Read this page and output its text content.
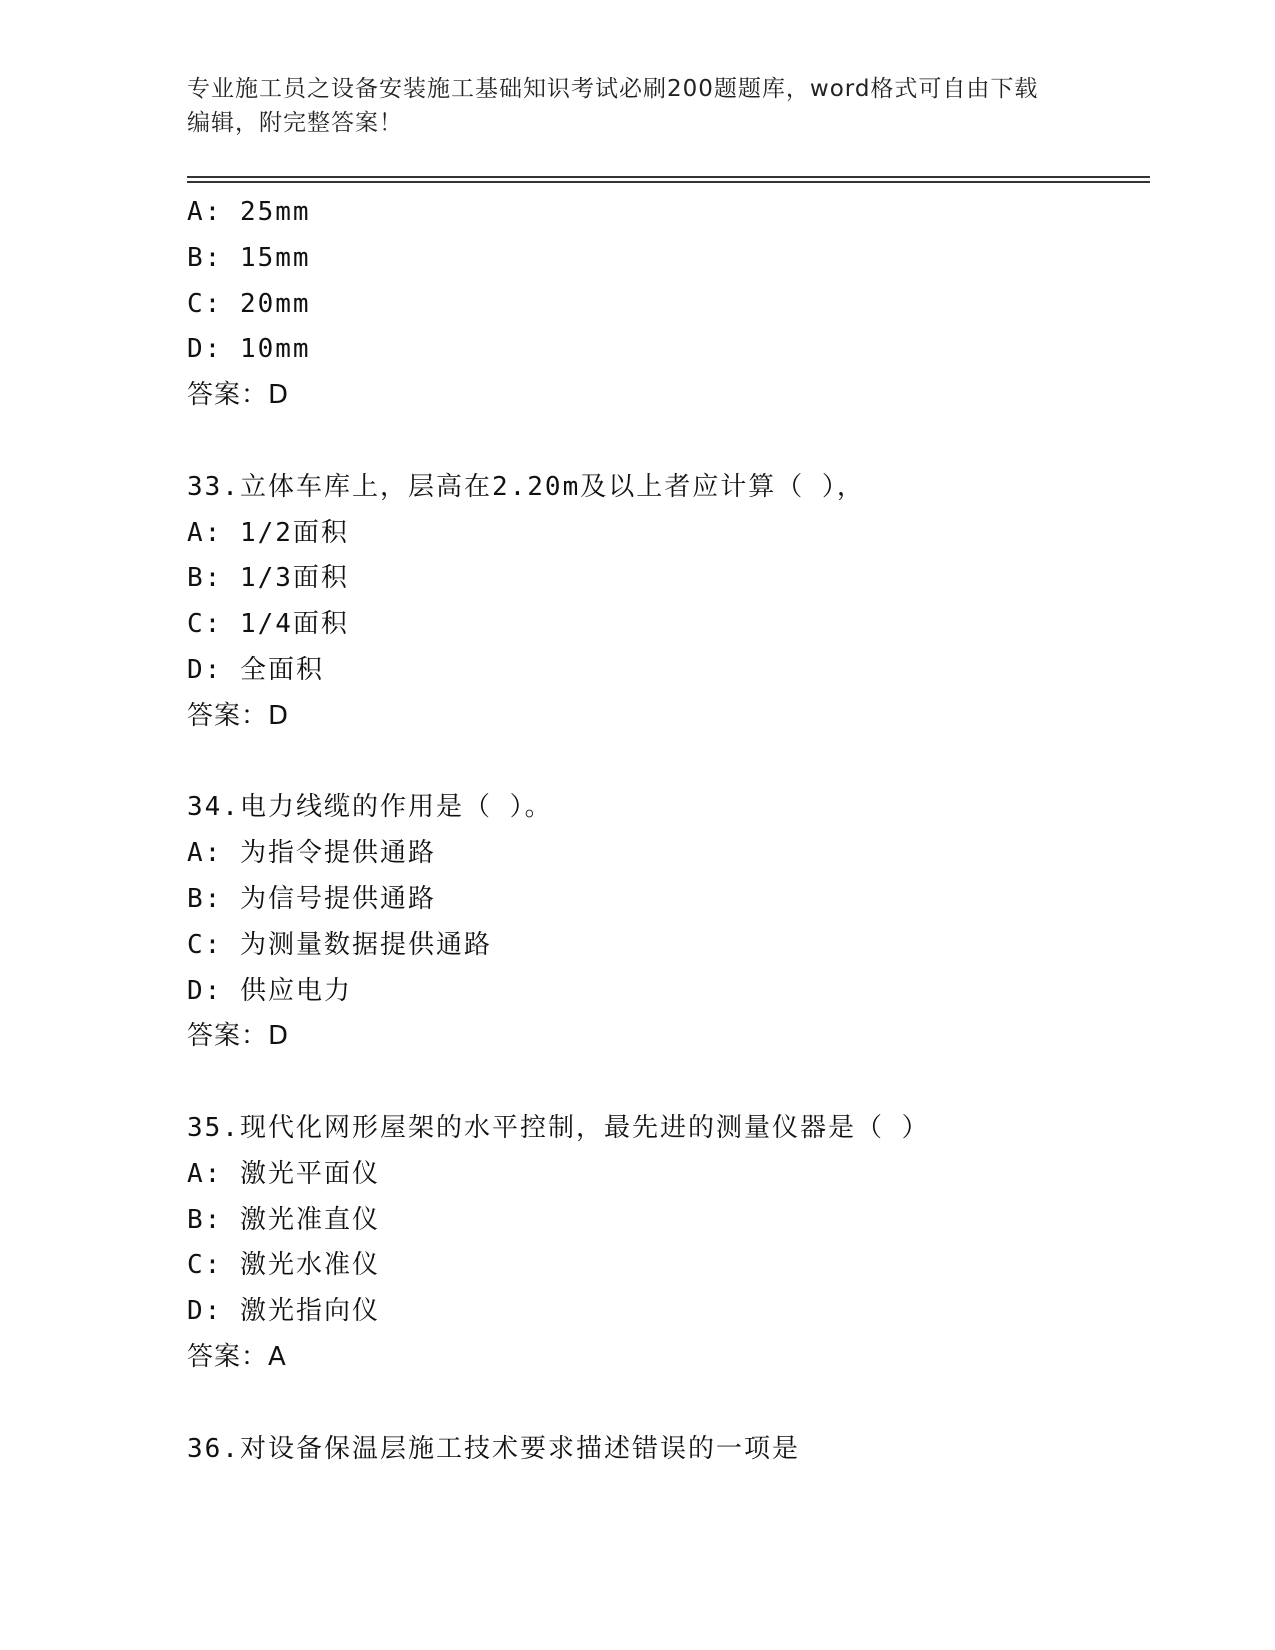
专业施工员之设备安装施工基础知识考试必刷200题题库，word格式可自由下载
编辑，附完整答案！
A: 25mm
B: 15mm
C: 20mm
D: 10mm
答案：D
33.立体车库上，层高在2.20m及以上者应计算（ ），
A: 1/2面积
B: 1/3面积
C: 1/4面积
D: 全面积
答案：D
34.电力线缆的作用是（ ）。
A: 为指令提供通路
B: 为信号提供通路
C: 为测量数据提供通路
D: 供应电力
答案：D
35.现代化网形屋架的水平控制，最先进的测量仪器是（ ）
A: 激光平面仪
B: 激光准直仪
C: 激光水准仪
D: 激光指向仪
答案：A
36.对设备保温层施工技术要求描述错误的一项是
